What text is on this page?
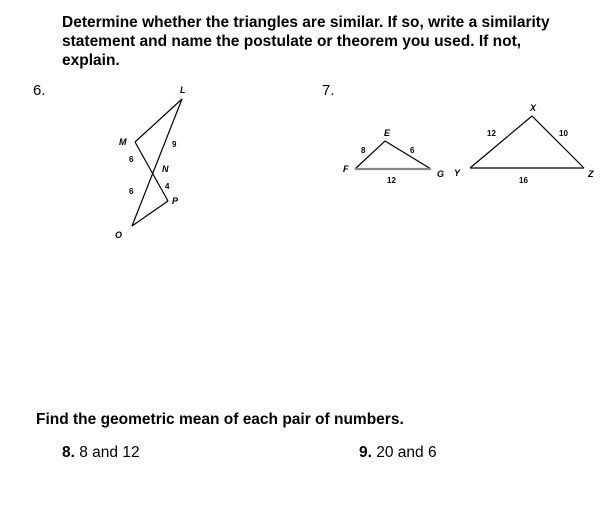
Determine whether the triangles are similar. If so, write a similarity statement and name the postulate or theorem you used. If not, explain.

6.	7.
M
L
N
O
P
6
9
6
4
E
F	G
8	6
12
X
Y	Z
12	10
16

Find the geometric mean of each pair of numbers.

8. 8 and 12	9. 20 and 6
